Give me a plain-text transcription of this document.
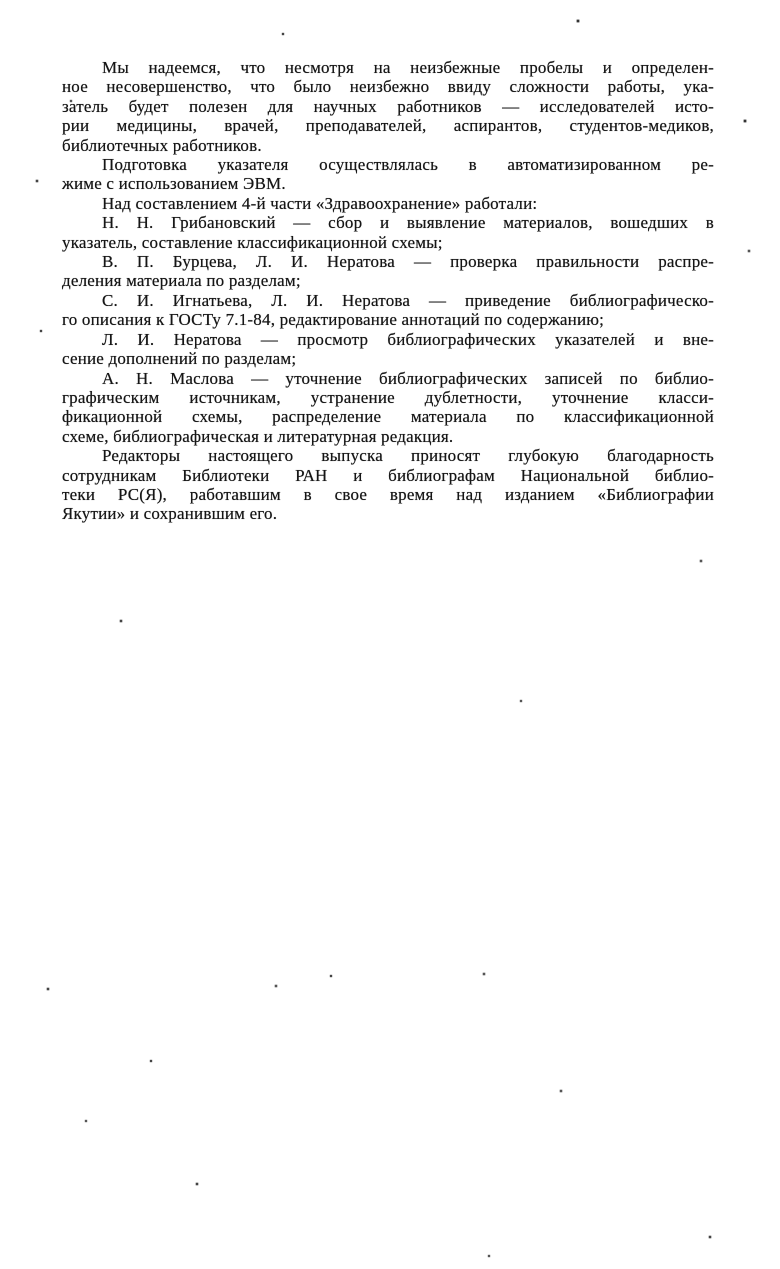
Мы надеемся, что несмотря на неизбежные пробелы и определен-
ное несовершенство, что было неизбежно ввиду сложности работы, ука-
затель будет полезен для научных работников — исследователей исто-
рии медицины, врачей, преподавателей, аспирантов, студентов-медиков,
библиотечных работников.

Подготовка указателя осуществлялась в автоматизированном ре-
жиме с использованием ЭВМ.

Над составлением 4-й части «Здравоохранение» работали:

Н. Н. Грибановский — сбор и выявление материалов, вошедших в
указатель, составление классификационной схемы;

В. П. Бурцева, Л. И. Нератова — проверка правильности распре-
деления материала по разделам;

С. И. Игнатьева, Л. И. Нератова — приведение библиографическо-
го описания к ГОСТу 7.1-84, редактирование аннотаций по содержанию;

Л. И. Нератова — просмотр библиографических указателей и вне-
сение дополнений по разделам;

А. Н. Маслова — уточнение библиографических записей по библио-
графическим источникам, устранение дублетности, уточнение класси-
фикационной схемы, распределение материала по классификационной
схеме, библиографическая и литературная редакция.

Редакторы настоящего выпуска приносят глубокую благодарность
сотрудникам Библиотеки РАН и библиографам Национальной библио-
теки РС(Я), работавшим в свое время над изданием «Библиографии
Якутии» и сохранившим его.
